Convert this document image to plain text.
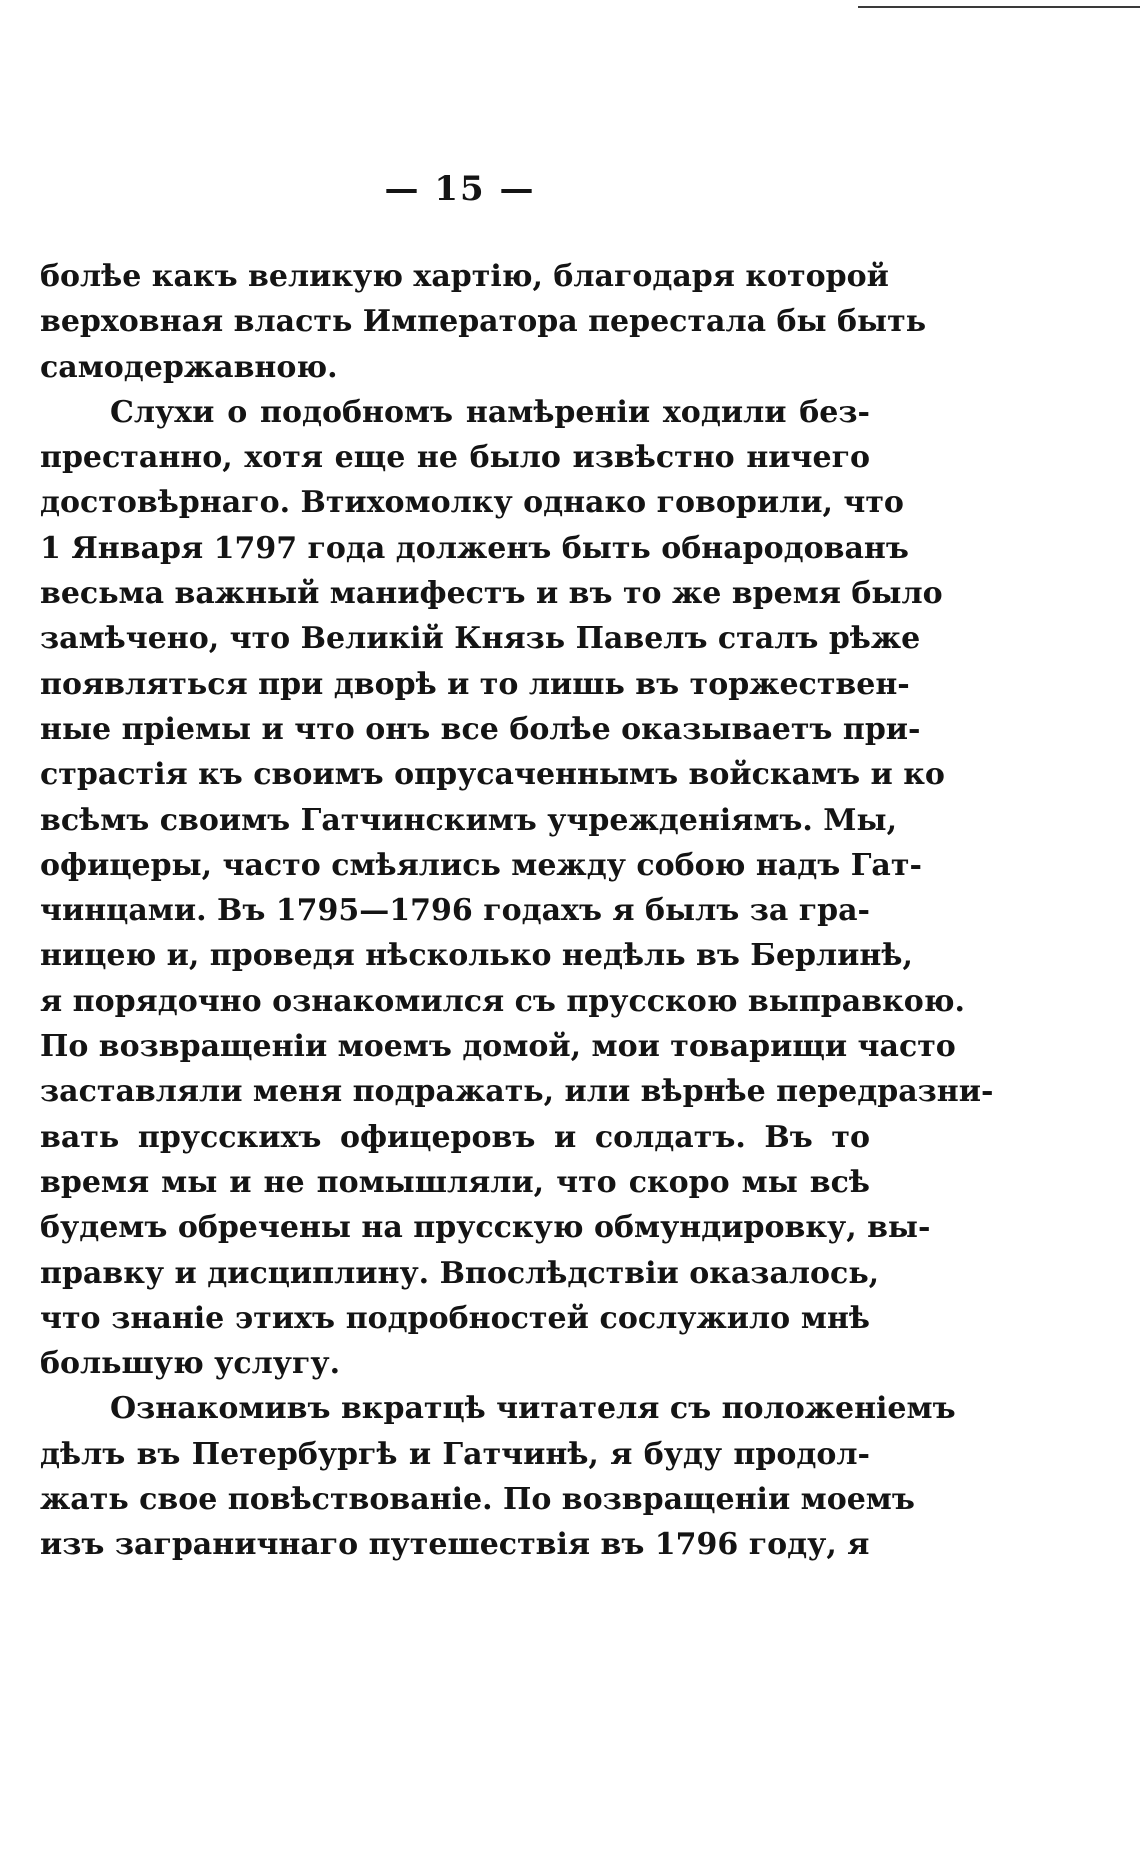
— 15 —
болѣе какъ великую хартію, благодаря которой
верховная власть Императора перестала бы быть
самодержавною.
Слухи о подобномъ намѣреніи ходили без-
престанно, хотя еще не было извѣстно ничего
достовѣрнаго. Втихомолку однако говорили, что
1 Января 1797 года долженъ быть обнародованъ
весьма важный манифестъ и въ то же время было
замѣчено, что Великій Князь Павелъ сталъ рѣже
появляться при дворѣ и то лишь въ торжествен-
ные пріемы и что онъ все болѣе оказываетъ при-
страстія къ своимъ опрусаченнымъ войскамъ и ко
всѣмъ своимъ Гатчинскимъ учрежденіямъ. Мы,
офицеры, часто смѣялись между собою надъ Гат-
чинцами. Въ 1795—1796 годахъ я былъ за гра-
ницею и, проведя нѣсколько недѣль въ Берлинѣ,
я порядочно ознакомился съ прусскою выправкою.
По возвращеніи моемъ домой, мои товарищи часто
заставляли меня подражать, или вѣрнѣе передразни-
вать прусскихъ офицеровъ и солдатъ. Въ то
время мы и не помышляли, что скоро мы всѣ
будемъ обречены на прусскую обмундировку, вы-
правку и дисциплину. Впослѣдствіи оказалось,
что знаніе этихъ подробностей сослужило мнѣ
большую услугу.
Ознакомивъ вкратцѣ читателя съ положеніемъ
дѣлъ въ Петербургѣ и Гатчинѣ, я буду продол-
жать свое повѣствованіе. По возвращеніи моемъ
изъ заграничнаго путешествія въ 1796 году, я
